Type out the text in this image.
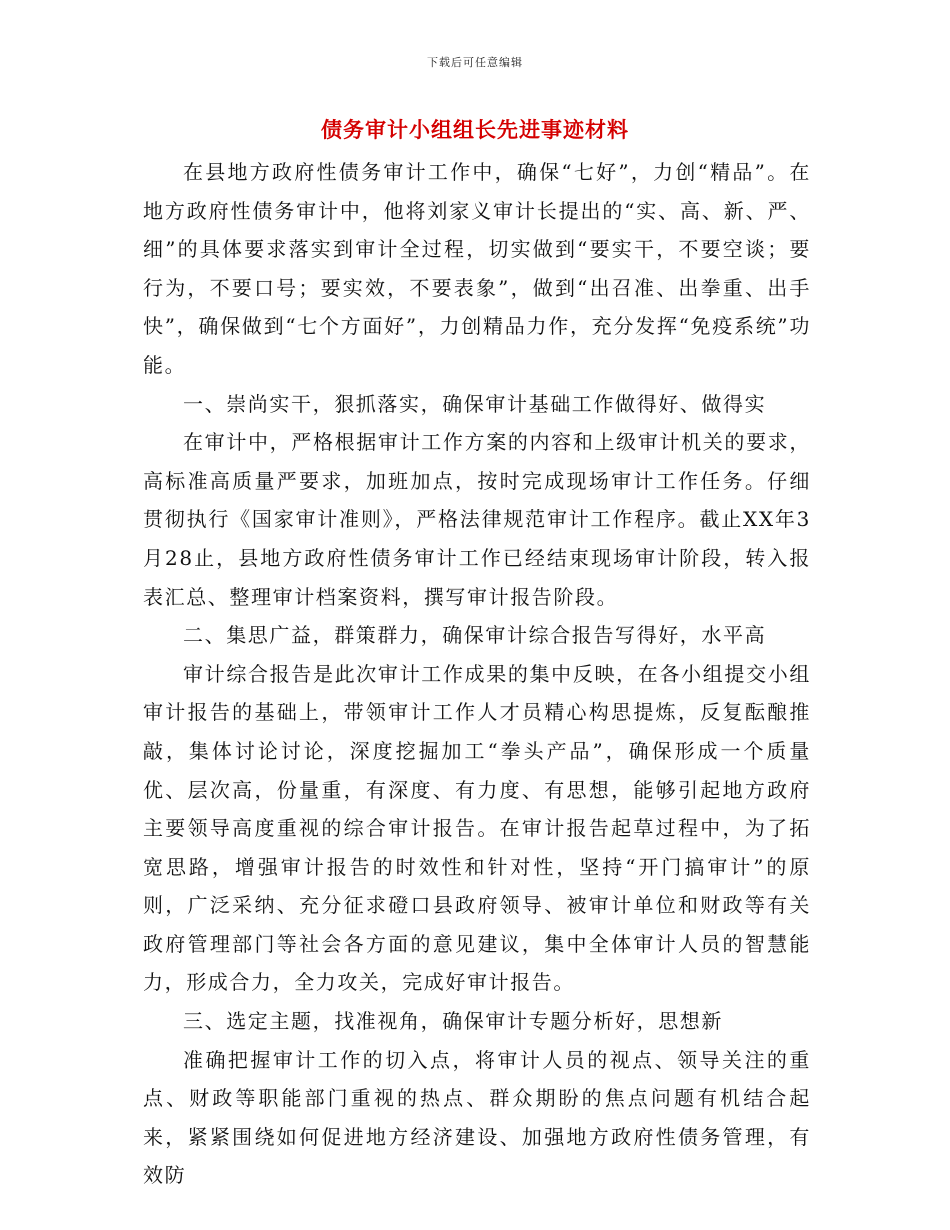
下载后可任意编辑
债务审计小组组长先进事迹材料

在县地方政府性债务审计工作中，确保“七好”，力创“精品”。在地方政府性债务审计中，他将刘家义审计长提出的“实、高、新、严、细”的具体要求落实到审计全过程，切实做到“要实干，不要空谈；要行为，不要口号；要实效，不要表象”，做到“出召准、出拳重、出手快”，确保做到“七个方面好”，力创精品力作，充分发挥“免疫系统”功能。

一、崇尚实干，狠抓落实，确保审计基础工作做得好、做得实

在审计中，严格根据审计工作方案的内容和上级审计机关的要求，高标准高质量严要求，加班加点，按时完成现场审计工作任务。仔细贯彻执行《国家审计准则》，严格法律规范审计工作程序。截止XX年3月28止，县地方政府性债务审计工作已经结束现场审计阶段，转入报表汇总、整理审计档案资料，撰写审计报告阶段。

二、集思广益，群策群力，确保审计综合报告写得好，水平高

审计综合报告是此次审计工作成果的集中反映，在各小组提交小组审计报告的基础上，带领审计工作人才员精心构思提炼，反复酝酿推敲，集体讨论讨论，深度挖掘加工“拳头产品”，确保形成一个质量优、层次高，份量重，有深度、有力度、有思想，能够引起地方政府主要领导高度重视的综合审计报告。在审计报告起草过程中，为了拓宽思路，增强审计报告的时效性和针对性，坚持“开门搞审计”的原则，广泛采纳、充分征求磴口县政府领导、被审计单位和财政等有关政府管理部门等社会各方面的意见建议，集中全体审计人员的智慧能力，形成合力，全力攻关，完成好审计报告。

三、选定主题，找准视角，确保审计专题分析好，思想新

准确把握审计工作的切入点，将审计人员的视点、领导关注的重点、财政等职能部门重视的热点、群众期盼的焦点问题有机结合起来，紧紧围绕如何促进地方经济建设、加强地方政府性债务管理，有效防
